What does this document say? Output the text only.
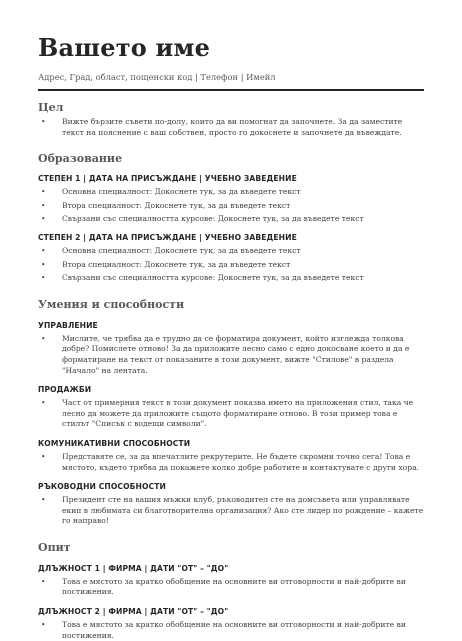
Вашето име
Адрес, Град, област, пощенски код | Телефон | Имейл
Цел
• Вижте бързите съвети по-долу, които да ви помогнат да започнете. За да заместите текст на пояснение с ваш собствен, просто го докоснете и започнете да въвеждате.
Образование
СТЕПЕН 1 | ДАТА НА ПРИСЪЖДАНЕ | УЧЕБНО ЗАВЕДЕНИЕ
• Основна специалност: Докоснете тук, за да въведете текст
• Втора специалност: Докоснете тук, за да въведете текст
• Свързани със специалността курсове: Докоснете тук, за да въведете текст
СТЕПЕН 2 | ДАТА НА ПРИСЪЖДАНЕ | УЧЕБНО ЗАВЕДЕНИЕ
• Основна специалност: Докоснете тук, за да въведете текст
• Втора специалност: Докоснете тук, за да въведете текст
• Свързани със специалността курсове: Докоснете тук, за да въведете текст
Умения и способности
УПРАВЛЕНИЕ
• Мислите, че трябва да е трудно да се форматира документ, който изглежда толкова добре? Помислете отново! За да приложите лесно само с едно докосване което и да е форматиране на текст от показаните в този документ, вижте "Стилове" в раздела "Начало" на лентата.
ПРОДАЖБИ
• Част от примерния текст в този документ показва името на приложения стил, така че лесно да можете да приложите същото форматиране отново. В този пример това е стилът "Списък с водещи символи".
КОМУНИКАТИВНИ СПОСОБНОСТИ
• Представяте се, за да впечатлите рекрутерите. Не бъдете скромни точно сега! Това е мястото, където трябва да покажете колко добре работите и контактувате с други хора.
РЪКОВОДНИ СПОСОБНОСТИ
• Президент сте на вашия мъжки клуб, ръководител сте на домсъвета или управлявате екип в любимата си благотворителна организация? Ако сте лидер по рождение – кажете го направо!
Опит
ДЛЪЖНОСТ 1 | ФИРМА | ДАТИ "ОТ" – "ДО"
• Това е мястото за кратко обобщение на основните ви отговорности и най-добрите ви постижения.
ДЛЪЖНОСТ 2 | ФИРМА | ДАТИ "ОТ" – "ДО"
• Това е мястото за кратко обобщение на основните ви отговорности и най-добрите ви постижения.
